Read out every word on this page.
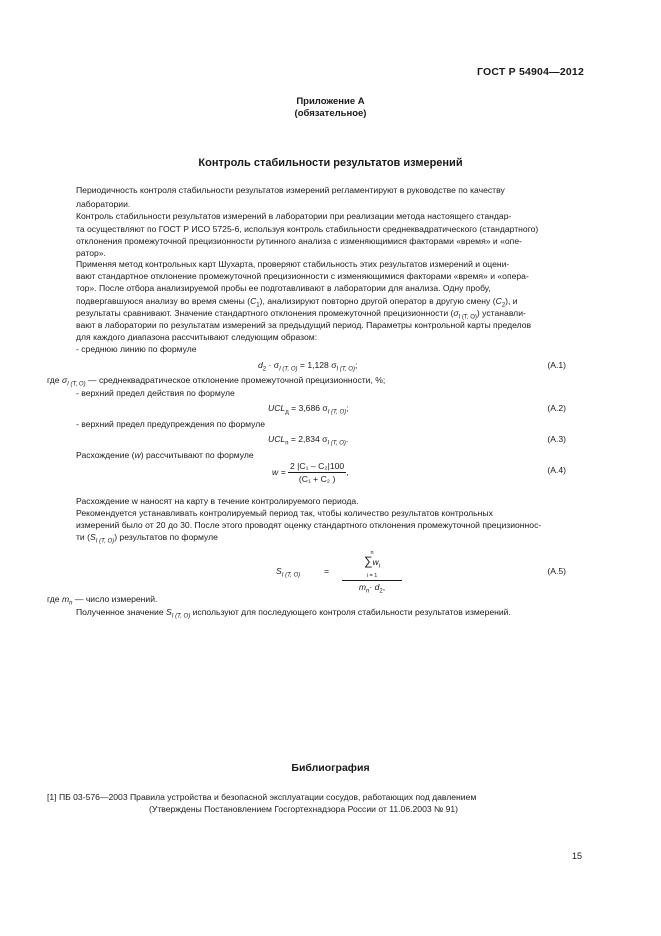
ГОСТ Р 54904—2012
Приложение А
(обязательное)
Контроль стабильности результатов измерений
Периодичность контроля стабильности результатов измерений регламентируют в руководстве по качеству
лаборатории.
Контроль стабильности результатов измерений в лаборатории при реализации метода настоящего стандар-
та осуществляют по ГОСТ Р ИСО 5725-6, используя контроль стабильности среднеквадратического (стандартного)
отклонения промежуточной прецизионности рутинного анализа с изменяющимися факторами «время» и «опе-
ратор».
Применяя метод контрольных карт Шухарта, проверяют стабильность этих результатов измерений и оцени-
вают стандартное отклонение промежуточной прецизионности с изменяющимися факторами «время» и «опера-
тор». После отбора анализируемой пробы ее подготавливают в лаборатории для анализа. Одну пробу,
подвергавшуюся анализу во время смены $(C_1)$, анализируют повторно другой оператор в другую смену $(C_2)$, и
результаты сравнивают. Значение стандартного отклонения промежуточной прецизионности $(\sigma_{I (T, O)})$ устанавли-
вают в лаборатории по результатам измерений за предыдущий период. Параметры контрольной карты пределов
для каждого диапазона рассчитывают следующим образом:
- среднюю линию по формуле
$d_2 \cdot \sigma_{I (T, O)} = 1,128$ $\sigma_{I (T, O)}$;	(А.1)
где $\sigma_{I (T, O)}$ — среднеквадратическое отклонение промежуточной прецизионности, %;
- верхний предел действия по формуле
$UCL_д = 3,686$ $\sigma_{I (T, O)}$;	(А.2)
- верхний предел предупреждения по формуле
$UCL_п = 2,834$ $\sigma_{I (T, O)}$.	(А.3)
Расхождение (w) рассчитывают по формуле
$w = \frac{\text{2 |C₁ – C₂|100}}{\text{(C₁ + C₂ )}}$ ,	(А.4)
Расхождение w наносят на карту в течение контролируемого периода.
Рекомендуется устанавливать контролируемый период так, чтобы количество результатов контрольных
измерений было от 20 до 30. После этого проводят оценку стандартного отклонения промежуточной прецизионнос-
ти $(S_{I (T, O)})$ результатов по формуле
$S_{I (T, O)}$	=
n
$\sum w_i$
i = 1
$m_n\cdot d_2$,
(А.5)
где $m_n$ — число измерений.
Полученное значение $S_{I (T, O)}$ используют для последующего контроля стабильности результатов измерений.
Библиография
[1] ПБ 03-576—2003 Правила устройства и безопасной эксплуатации сосудов, работающих под давлением
(Утверждены Постановлением Госгортехнадзора России от 11.06.2003 № 91)
15
